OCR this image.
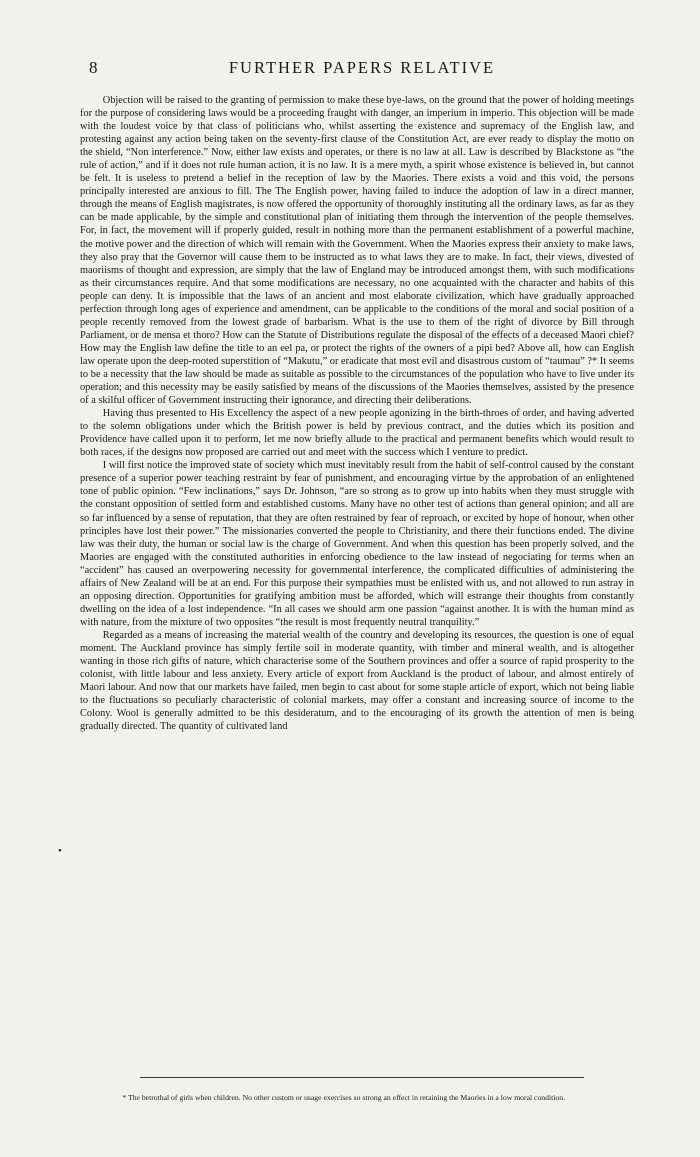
8	FURTHER PAPERS RELATIVE

Objection will be raised to the granting of permission to make these bye-laws, on the ground that the power of holding meetings for the purpose of considering laws would be a proceeding fraught with danger, an imperium in imperio. This objection will be made with the loudest voice by that class of politicians who, whilst asserting the existence and supremacy of the English law, and protesting against any action being taken on the seventy-first clause of the Constitution Act, are ever ready to display the motto on the shield, “Non interference.” Now, either law exists and operates, or there is no law at all. Law is described by Blackstone as “the rule of action,” and if it does not rule human action, it is no law. It is a mere myth, a spirit whose existence is believed in, but cannot be felt. It is useless to pretend a belief in the reception of law by the Maories. There exists a void and this void, the persons principally interested are anxious to fill. The The English power, having failed to induce the adoption of law in a direct manner, through the means of English magistrates, is now offered the opportunity of thoroughly instituting all the ordinary laws, as far as they can be made applicable, by the simple and constitutional plan of initiating them through the intervention of the people themselves. For, in fact, the movement will if properly guided, result in nothing more than the permanent establishment of a powerful machine, the motive power and the direction of which will remain with the Government. When the Maories express their anxiety to make laws, they also pray that the Governor will cause them to be instructed as to what laws they are to make. In fact, their views, divested of maoriisms of thought and expression, are simply that the law of England may be introduced amongst them, with such modifications as their circumstances require. And that some modifications are necessary, no one acquainted with the character and habits of this people can deny. It is impossible that the laws of an ancient and most elaborate civilization, which have gradually approached perfection through long ages of experience and amendment, can be applicable to the conditions of the moral and social position of a people recently removed from the lowest grade of barbarism. What is the use to them of the right of divorce by Bill through Parliament, or de mensa et thoro? How can the Statute of Distributions regulate the disposal of the effects of a deceased Maori chief? How may the English law define the title to an eel pa, or protect the rights of the owners of a pipi bed? Above all, how can English law operate upon the deep-rooted superstition of “Makutu,” or eradicate that most evil and disastrous custom of “taumau” ?* It seems to be a necessity that the law should be made as suitable as possible to the circumstances of the population who have to live under its operation; and this necessity may be easily satisfied by means of the discussions of the Maories themselves, assisted by the presence of a skilful officer of Government instructing their ignorance, and directing their deliberations.

Having thus presented to His Excellency the aspect of a new people agonizing in the birth-throes of order, and having adverted to the solemn obligations under which the British power is held by previous contract, and the duties which its position and Providence have called upon it to perform, let me now briefly allude to the practical and permanent benefits which would result to both races, if the designs now proposed are carried out and meet with the success which I venture to predict.

I will first notice the improved state of society which must inevitably result from the habit of self-control caused by the constant presence of a superior power teaching restraint by fear of punishment, and encouraging virtue by the approbation of an enlightened tone of public opinion. “Few inclinations,” says Dr. Johnson, “are so strong as to grow up into habits when they must struggle with the constant opposition of settled form and established customs. Many have no other test of actions than general opinion; and all are so far influenced by a sense of reputation, that they are often restrained by fear of reproach, or excited by hope of honour, when other principles have lost their power.” The missionaries converted the people to Christianity, and there their functions ended. The divine law was their duty, the human or social law is the charge of Government. And when this question has been properly solved, and the Maories are engaged with the constituted authorities in enforcing obedience to the law instead of negociating for terms when an “accident” has caused an overpowering necessity for governmental interference, the complicated difficulties of administering the affairs of New Zealand will be at an end. For this purpose their sympathies must be enlisted with us, and not allowed to run astray in an opposing direction. Opportunities for gratifying ambition must be afforded, which will estrange their thoughts from constantly dwelling on the idea of a lost independence. “In all cases we should arm one passion “against another. It is with the human mind as with nature, from the mixture of two opposites “the result is most frequently neutral tranquility.”

Regarded as a means of increasing the material wealth of the country and developing its resources, the question is one of equal moment. The Auckland province has simply fertile soil in moderate quantity, with timber and mineral wealth, and is altogether wanting in those rich gifts of nature, which characterise some of the Southern provinces and offer a source of rapid prosperity to the colonist, with little labour and less anxiety. Every article of export from Auckland is the product of labour, and almost entirely of Maori labour. And now that our markets have failed, men begin to cast about for some staple article of export, which not being liable to the fluctuations so peculiarly characteristic of colonial markets, may offer a constant and increasing source of income to the Colony. Wool is generally admitted to be this desideratum, and to the encouraging of its growth the attention of men is being gradually directed. The quantity of cultivated land

•

* The betrothal of girls when children. No other custom or usage exercises so strong an effect in retaining the Maories in a low moral condition.
